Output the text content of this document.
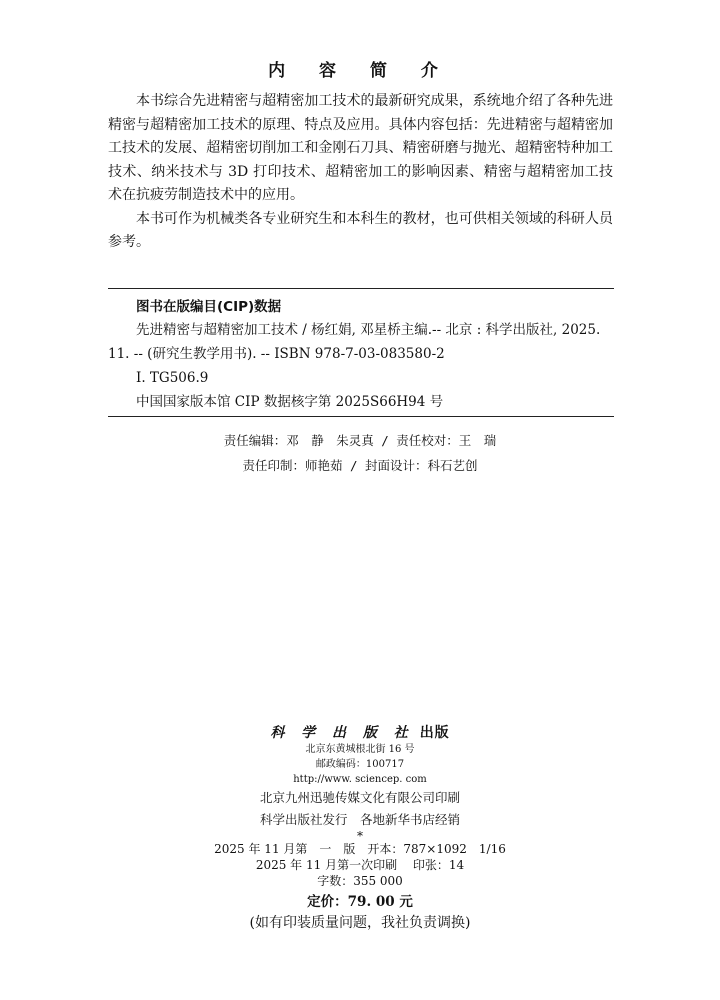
内 容 简 介

本书综合先进精密与超精密加工技术的最新研究成果，系统地介绍了各种先进精密与超精密加工技术的原理、特点及应用。具体内容包括：先进精密与超精密加工技术的发展、超精密切削加工和金刚石刀具、精密研磨与抛光、超精密特种加工技术、纳米技术与 3D 打印技术、超精密加工的影响因素、精密与超精密加工技术在抗疲劳制造技术中的应用。

本书可作为机械类各专业研究生和本科生的教材，也可供相关领域的科研人员参考。

图书在版编目(CIP)数据
先进精密与超精密加工技术 / 杨红娟, 邓星桥主编.-- 北京 : 科学出版社, 2025. 11. -- (研究生教学用书). -- ISBN 978-7-03-083580-2
Ⅰ. TG506.9
中国国家版本馆 CIP 数据核字第 2025S66H94 号
责任编辑：邓　静　朱灵真 / 责任校对：王　瑞
责任印制：师艳茹 / 封面设计：科石艺创
科 学 出 版 社 出版
北京东黄城根北街 16 号
邮政编码：100717
http://www. sciencep. com
北京九州迅驰传媒文化有限公司印刷
科学出版社发行　各地新华书店经销
*
2025 年 11 月第　一　版　开本：787×1092　1/16
2025 年 11 月第一次印刷　 印张：14
字数：355 000
定价：79. 00 元
(如有印装质量问题，我社负责调换)
